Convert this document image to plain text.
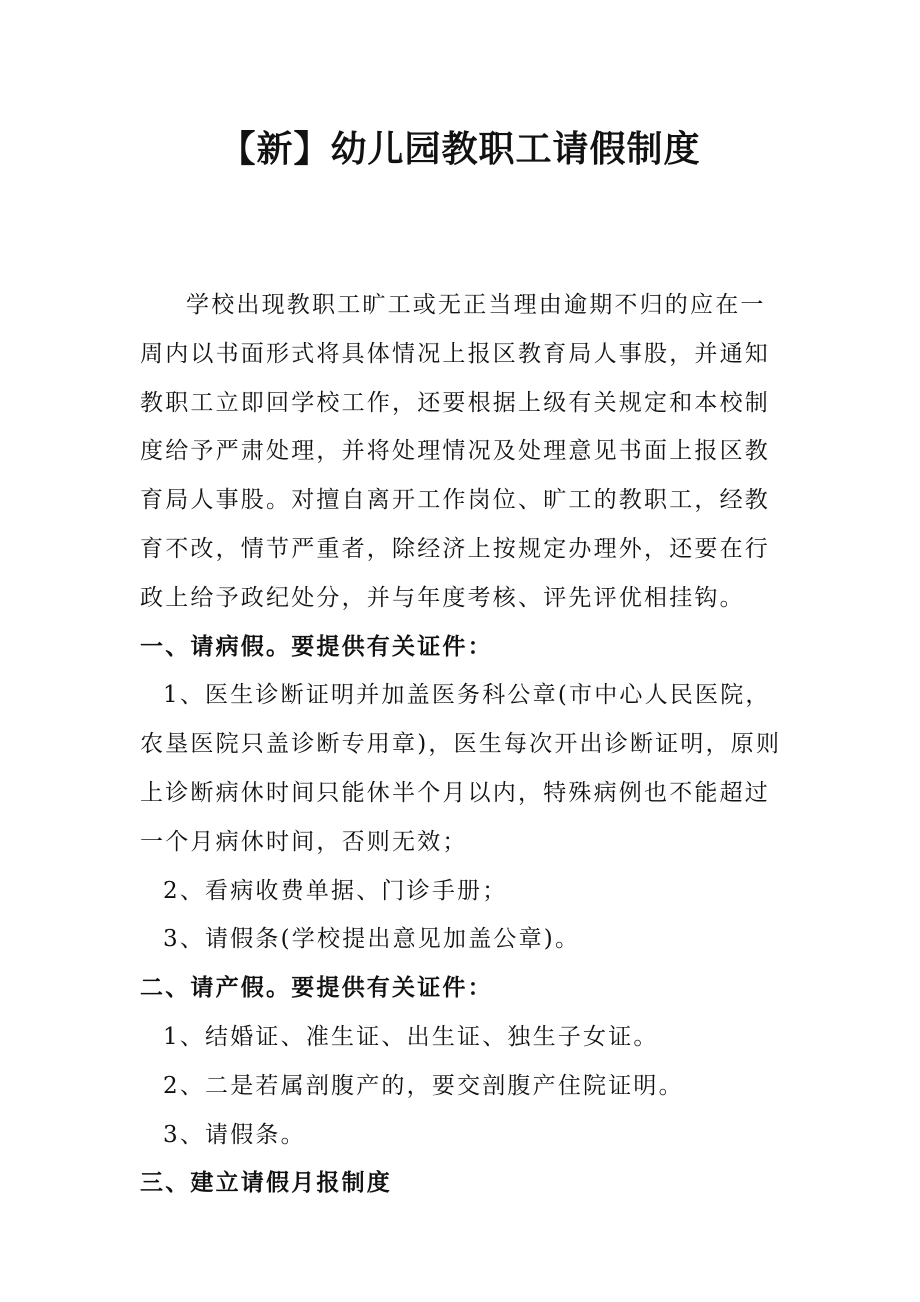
【新】幼儿园教职工请假制度

学校出现教职工旷工或无正当理由逾期不归的应在一周内以书面形式将具体情况上报区教育局人事股，并通知教职工立即回学校工作，还要根据上级有关规定和本校制度给予严肃处理，并将处理情况及处理意见书面上报区教育局人事股。对擅自离开工作岗位、旷工的教职工，经教育不改，情节严重者，除经济上按规定办理外，还要在行政上给予政纪处分，并与年度考核、评先评优相挂钩。

一、请病假。要提供有关证件：

1、医生诊断证明并加盖医务科公章(市中心人民医院，农垦医院只盖诊断专用章)，医生每次开出诊断证明，原则上诊断病休时间只能休半个月以内，特殊病例也不能超过一个月病休时间，否则无效；

2、看病收费单据、门诊手册；

3、请假条(学校提出意见加盖公章)。

二、请产假。要提供有关证件：

1、结婚证、准生证、出生证、独生子女证。

2、二是若属剖腹产的，要交剖腹产住院证明。

3、请假条。

三、建立请假月报制度
